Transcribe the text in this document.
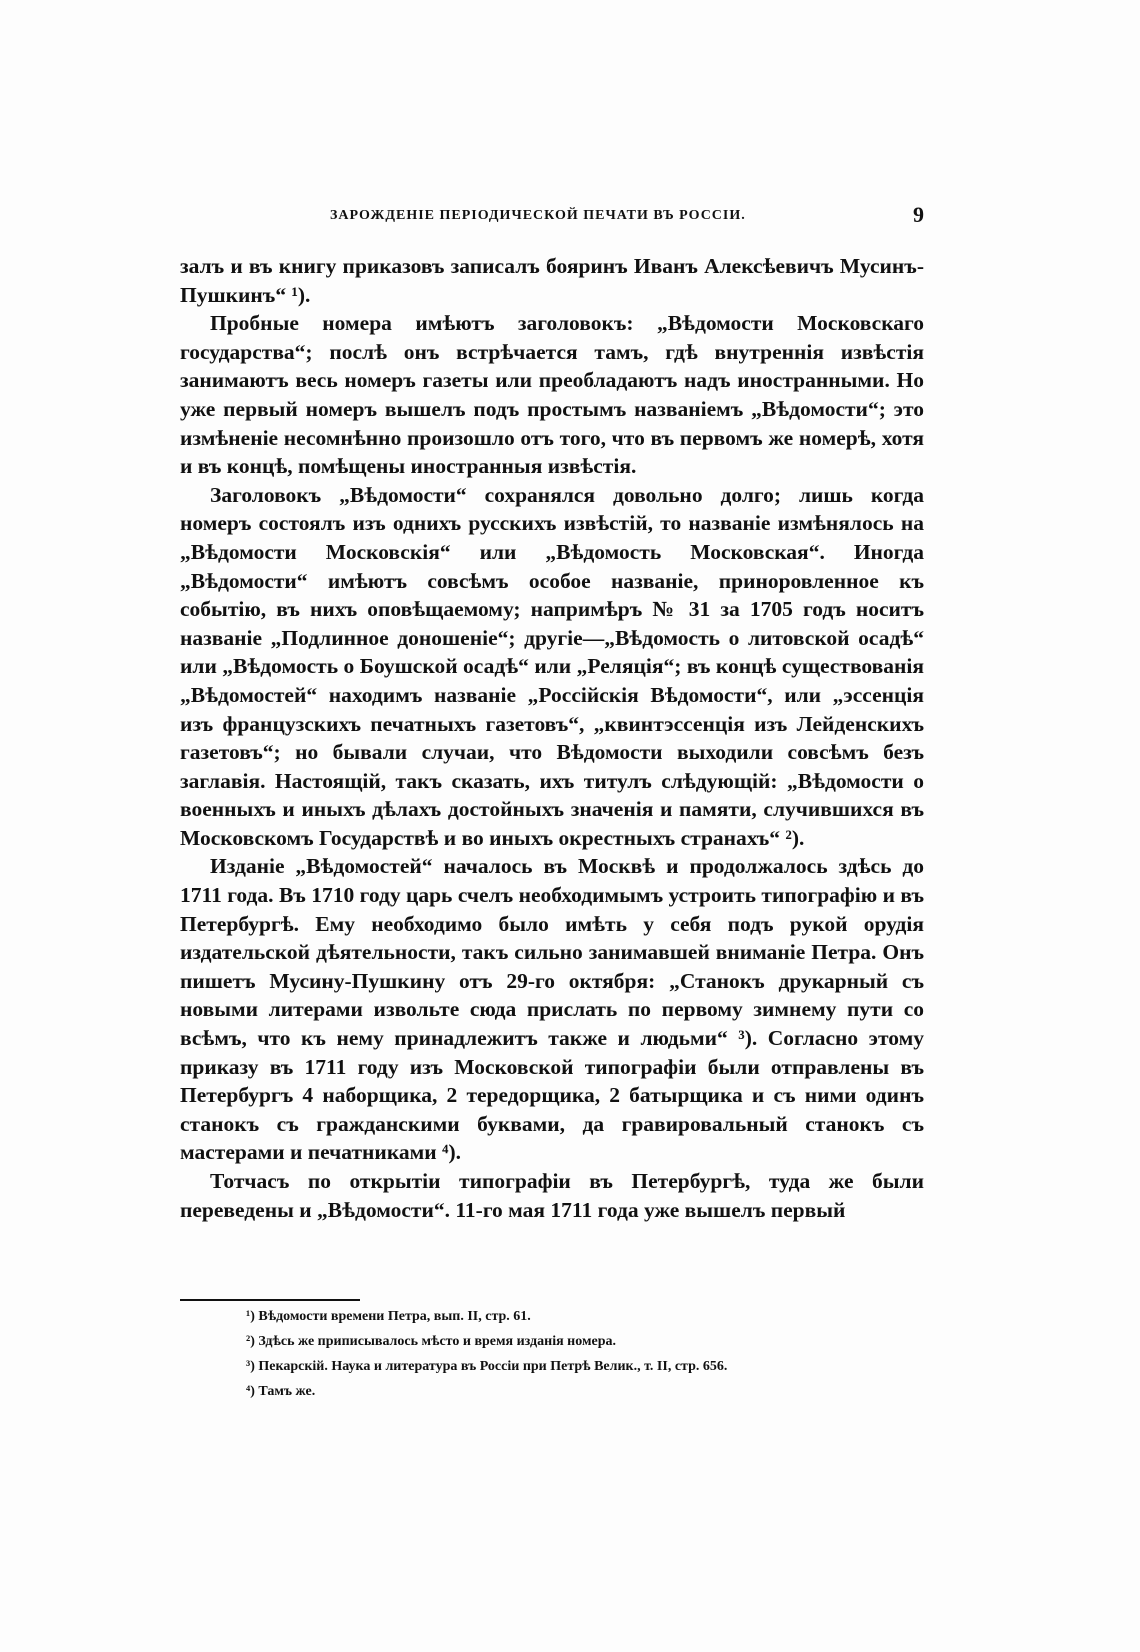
ЗАРОЖДЕНІЕ ПЕРІОДИЧЕСКОЙ ПЕЧАТИ ВЪ РОССІИ.	9

залъ и въ книгу приказовъ записалъ бояринъ Иванъ Алексѣевичъ Мусинъ-Пушкинъ“ ¹).

Пробные номера имѣютъ заголовокъ: „Вѣдомости Московскаго государства“; послѣ онъ встрѣчается тамъ, гдѣ внутреннія извѣстія занимаютъ весь номеръ газеты или преобладаютъ надъ иностранными. Но уже первый номеръ вышелъ подъ простымъ названіемъ „Вѣдомости“; это измѣненіе несомнѣнно произошло отъ того, что въ первомъ же номерѣ, хотя и въ концѣ, помѣщены иностранныя извѣстія.

Заголовокъ „Вѣдомости“ сохранялся довольно долго; лишь когда номеръ состоялъ изъ однихъ русскихъ извѣстій, то названіе измѣнялось на „Вѣдомости Московскія“ или „Вѣдомость Московская“. Иногда „Вѣдомости“ имѣютъ совсѣмъ особое названіе, приноровленное къ событію, въ нихъ оповѣщаемому; напримѣръ № 31 за 1705 годъ носитъ названіе „Подлинное доношеніе“; другіе—„Вѣдомость о литовской осадѣ“ или „Вѣдомость о Боушской осадѣ“ или „Реляція“; въ концѣ существованія „Вѣдомостей“ находимъ названіе „Россійскія Вѣдомости“, или „эссенція изъ французскихъ печатныхъ газетовъ“, „квинтэссенція изъ Лейденскихъ газетовъ“; но бывали случаи, что Вѣдомости выходили совсѣмъ безъ заглавія. Настоящій, такъ сказать, ихъ титулъ слѣдующій: „Вѣдомости о военныхъ и иныхъ дѣлахъ достойныхъ значенія и памяти, случившихся въ Московскомъ Государствѣ и во иныхъ окрестныхъ странахъ“ ²).

Изданіе „Вѣдомостей“ началось въ Москвѣ и продолжалось здѣсь до 1711 года. Въ 1710 году царь счелъ необходимымъ устроить типографію и въ Петербургѣ. Ему необходимо было имѣть у себя подъ рукой орудія издательской дѣятельности, такъ сильно занимавшей вниманіе Петра. Онъ пишетъ Мусину-Пушкину отъ 29-го октября: „Станокъ друкарный съ новыми литерами извольте сюда прислать по первому зимнему пути со всѣмъ, что къ нему принадлежитъ также и людьми“ ³). Согласно этому приказу въ 1711 году изъ Московской типографіи были отправлены въ Петербургъ 4 наборщика, 2 тередорщика, 2 батырщика и съ ними одинъ станокъ съ гражданскими буквами, да гравировальный станокъ съ мастерами и печатниками ⁴).

Тотчасъ по открытіи типографіи въ Петербургѣ, туда же были переведены и „Вѣдомости“. 11-го мая 1711 года уже вышелъ первый

¹) Вѣдомости времени Петра, вып. II, стр. 61.
²) Здѣсь же приписывалось мѣсто и время изданія номера.
³) Пекарскій. Наука и литература въ Россіи при Петрѣ Велик., т. II, стр. 656.
⁴) Тамъ же.
